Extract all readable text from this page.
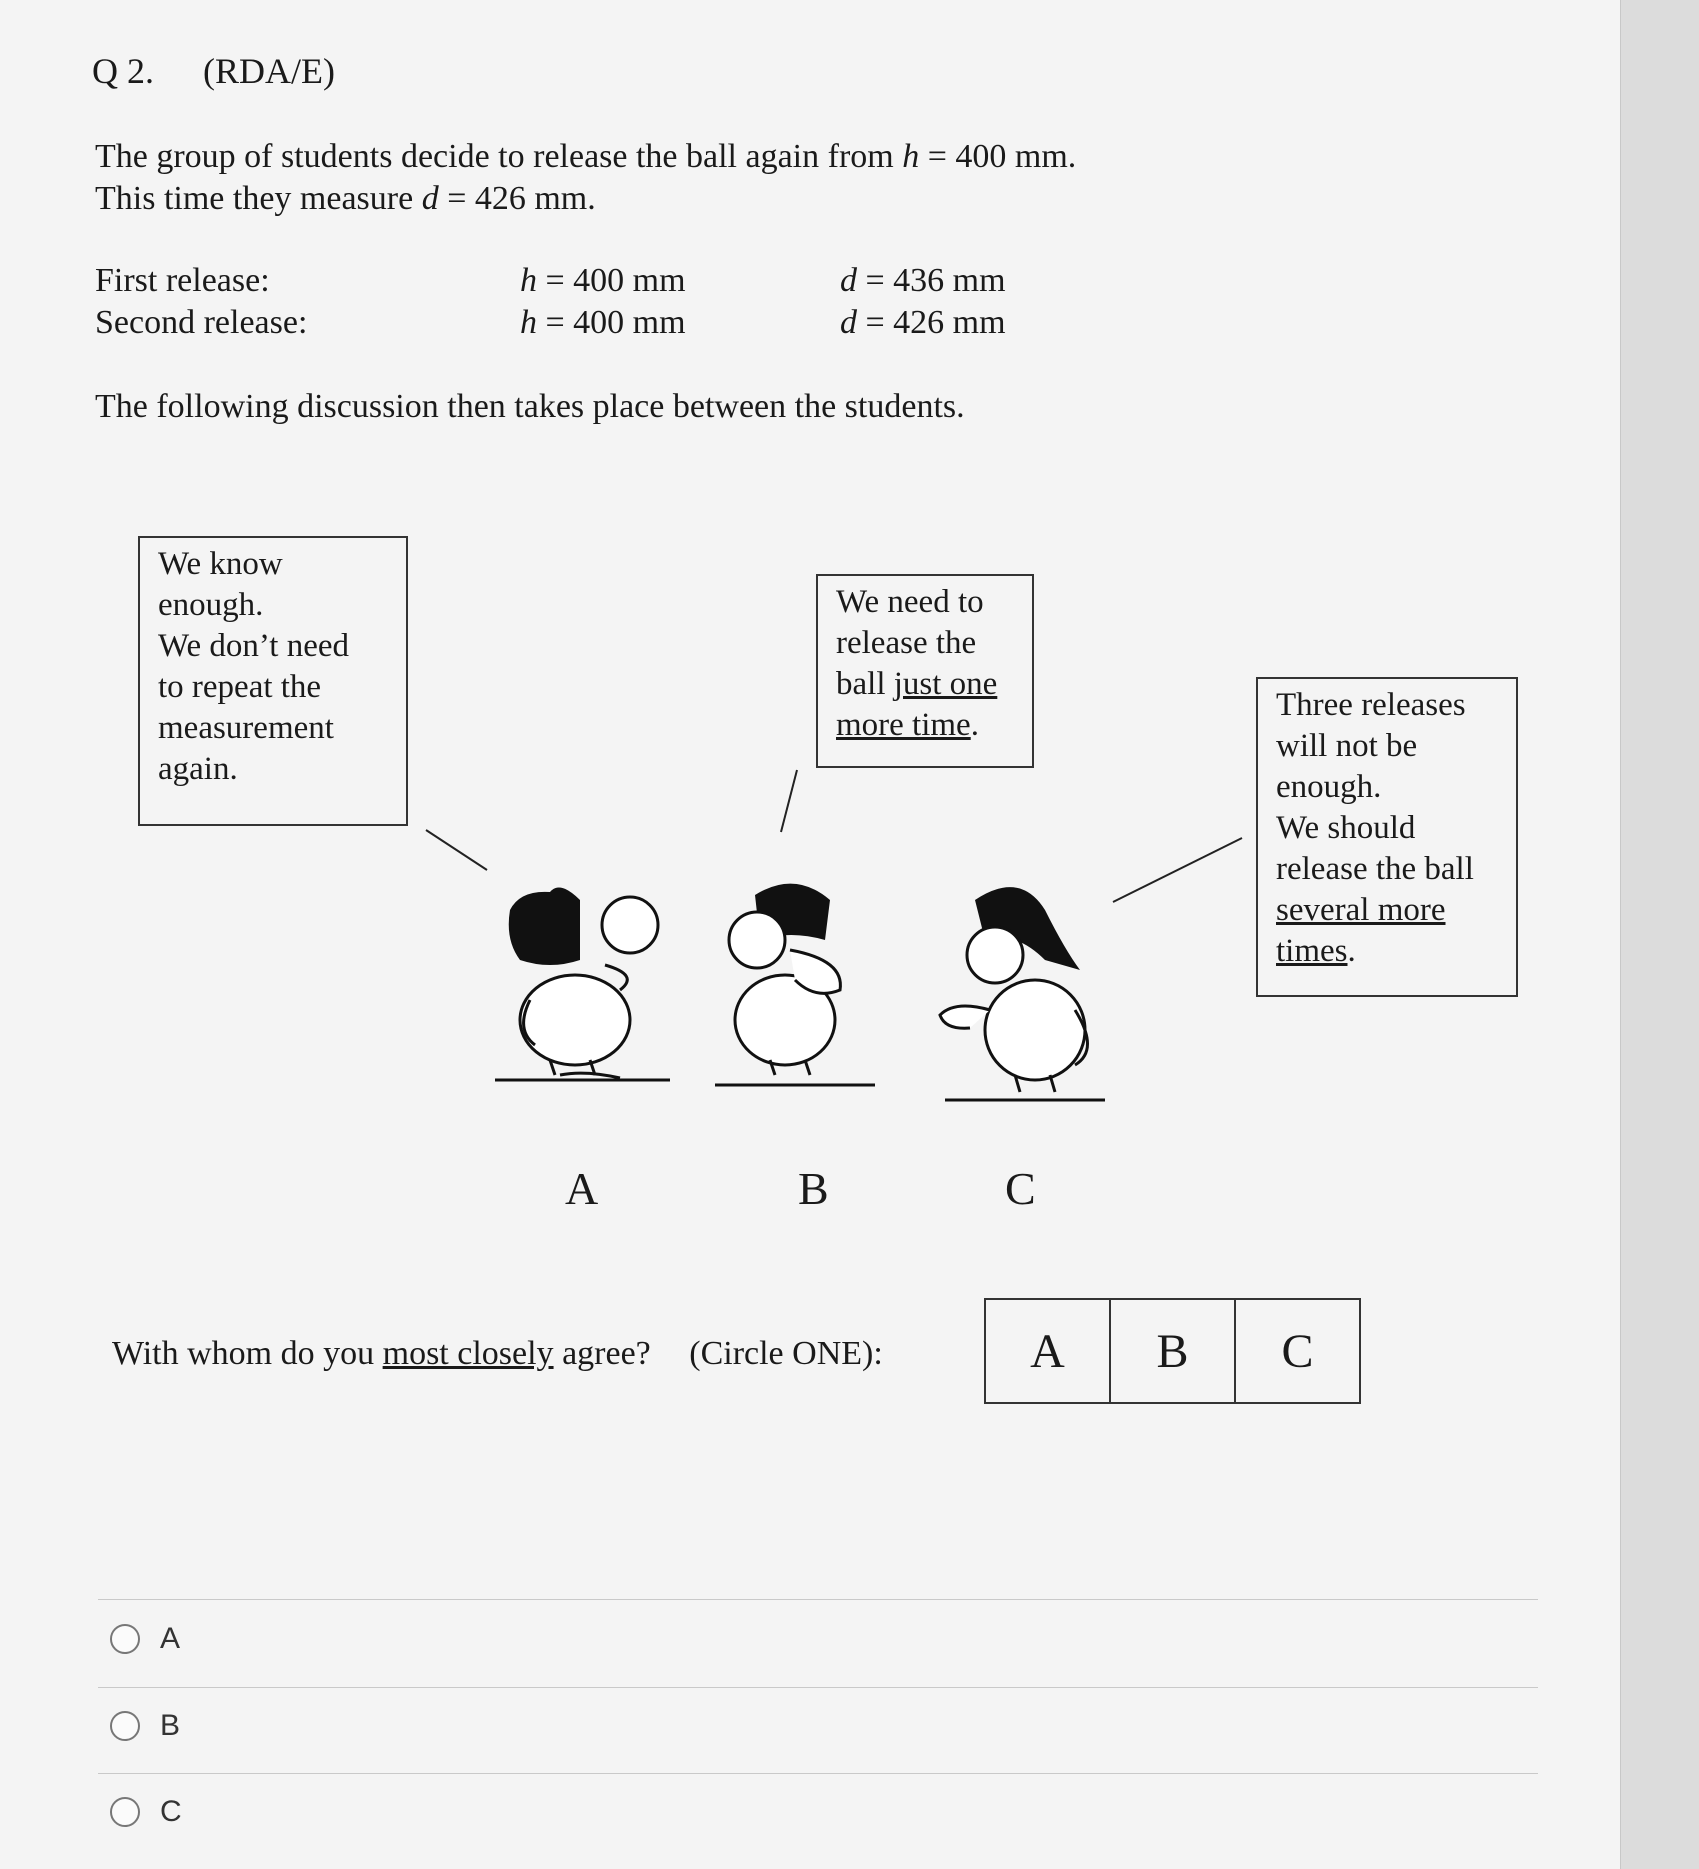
Q 2. (RDA/E)
The group of students decide to release the ball again from h = 400 mm.
This time they measure d = 426 mm.
First release:	h = 400 mm	d = 436 mm
Second release:	h = 400 mm	d = 426 mm
The following discussion then takes place between the students.
We know
enough.
We don’t need
to repeat the
measurement
again.
We need to
release the
ball just one
more time.
Three releases
will not be
enough.
We should
release the ball
several more
times.
A	B	C
With whom do you most closely agree? (Circle ONE):	A	B	C
A
B
C
